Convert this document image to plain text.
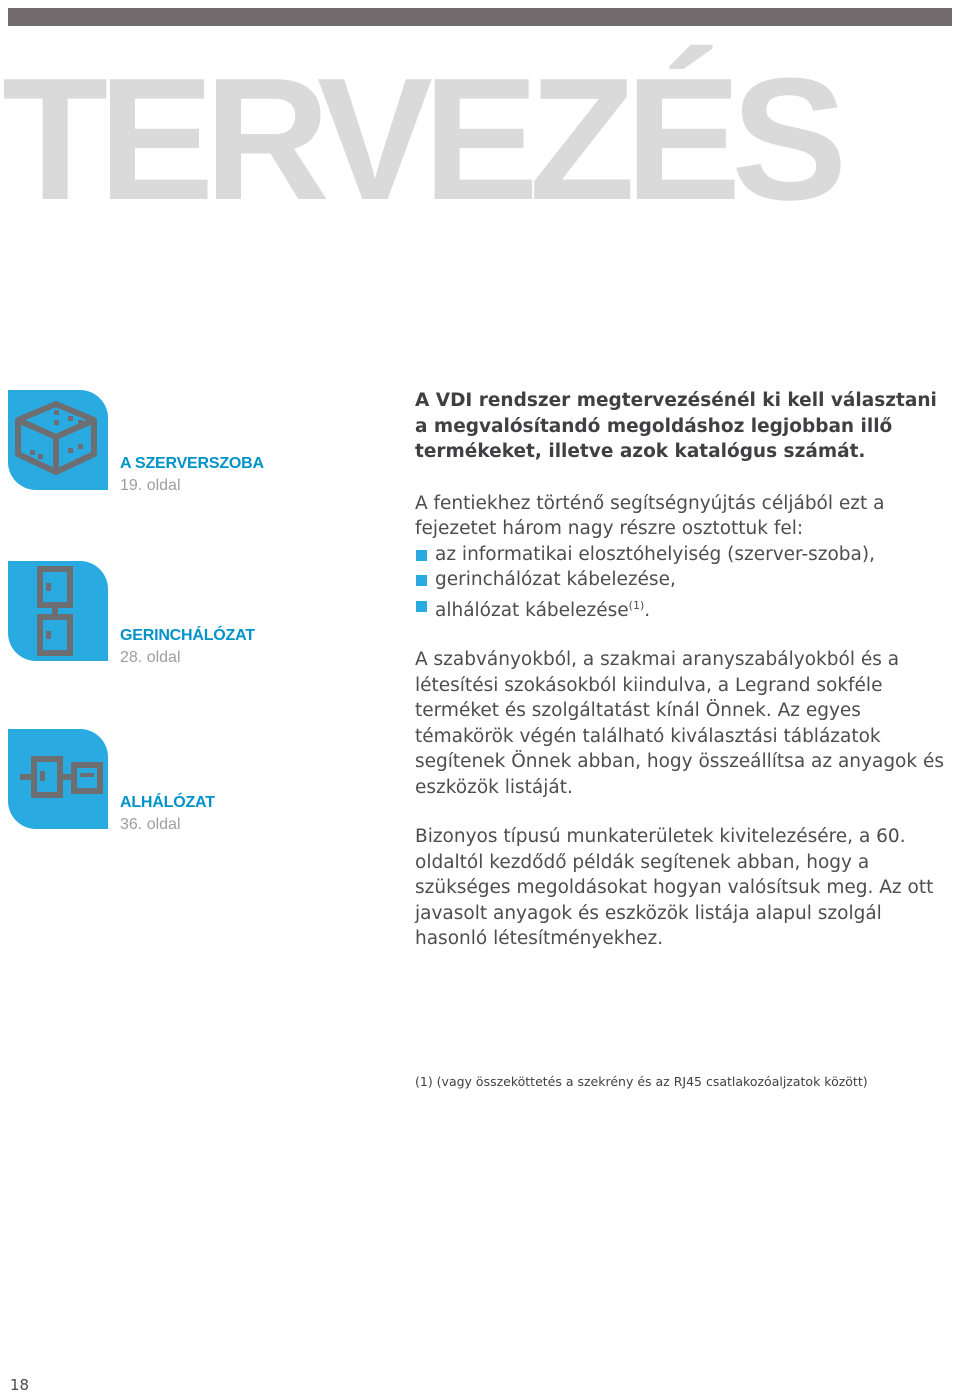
TERVEZÉS
A SZERVERSZOBA
19. oldal
GERINCHÁLÓZAT
28. oldal
ALHÁLÓZAT
36. oldal

A VDI rendszer megtervezésénél ki kell választani a megvalósítandó megoldáshoz legjobban illő termékeket, illetve azok katalógus számát.

A fentiekhez történő segítségnyújtás céljából ezt a fejezetet három nagy részre osztottuk fel:

az informatikai elosztóhelyiség (szerver-szoba),
gerinchálózat kábelezése,
alhálózat kábelezése$^{(1)}$.

A szabványokból, a szakmai aranyszabályokból és a létesítési szokásokból kiindulva, a Legrand sokféle terméket és szolgáltatást kínál Önnek. Az egyes témakörök végén található kiválasztási táblázatok segítenek Önnek abban, hogy összeállítsa az anyagok és eszközök listáját.

Bizonyos típusú munkaterületek kivitelezésére, a 60. oldaltól kezdődő példák segítenek abban, hogy a szükséges megoldásokat hogyan valósítsuk meg. Az ott javasolt anyagok és eszközök listája alapul szolgál hasonló létesítményekhez.

(1) (vagy összeköttetés a szekrény és az RJ45 csatlakozóaljzatok között)
18
